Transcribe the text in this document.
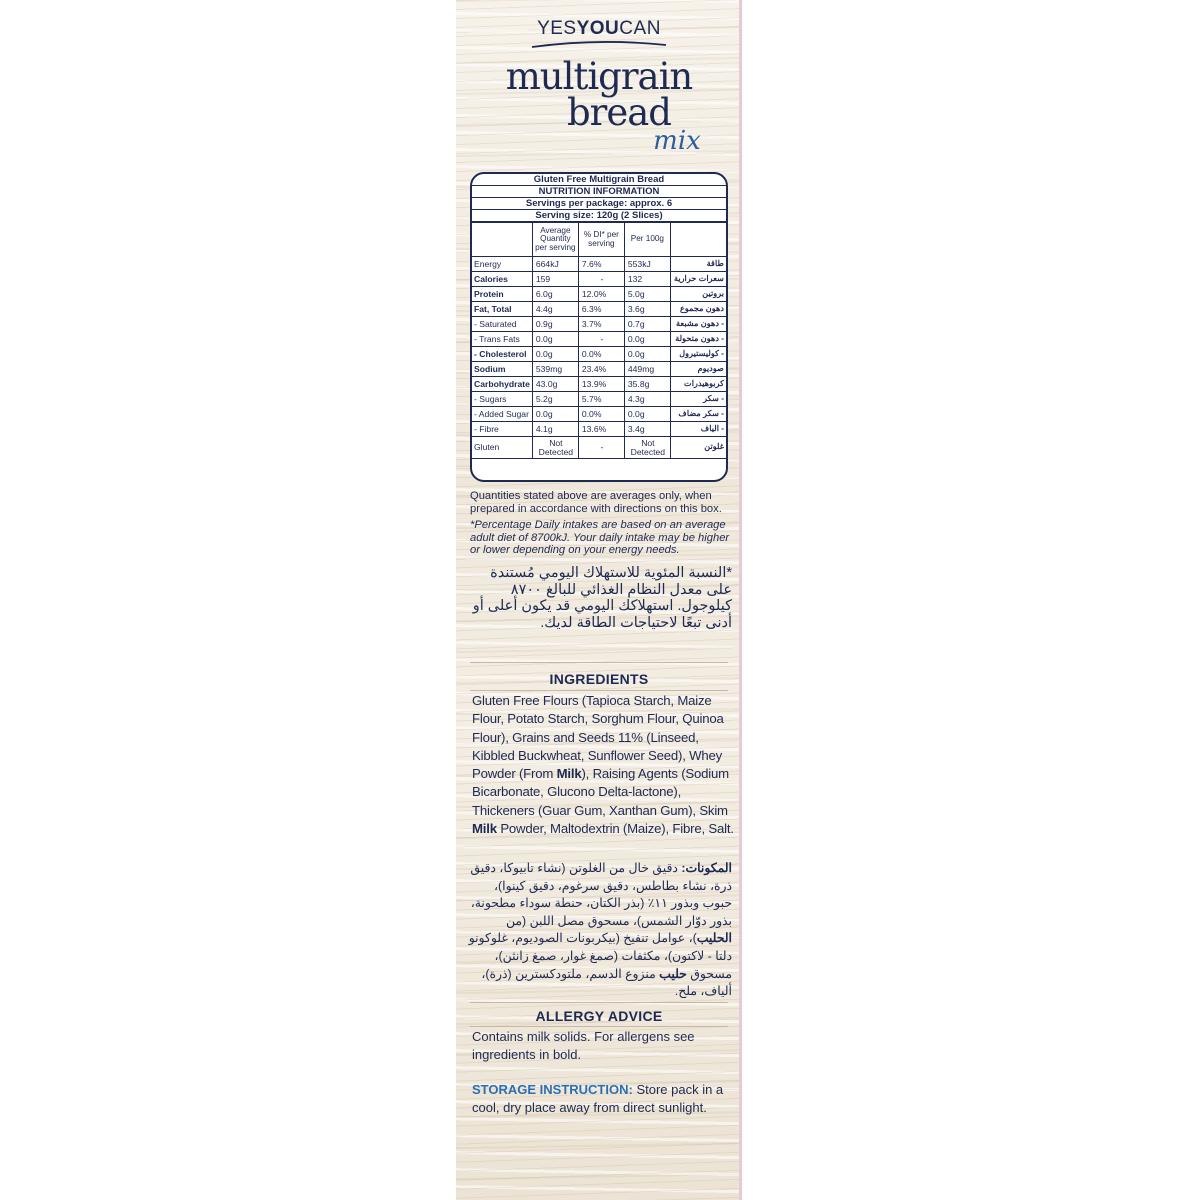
YESYOUCAN
multigrain
bread
mix
Gluten Free Multigrain Bread
NUTRITION INFORMATION
Servings per package: approx. 6
Serving size: 120g (2 Slices)
	Average Quantity per serving	% DI* per serving	Per 100g	
Energy	664kJ	7.6%	553kJ	طاقة
Calories	159	-	132	سعرات حرارية
Protein	6.0g	12.0%	5.0g	بروتين
Fat, Total	4.4g	6.3%	3.6g	دهون مجموع
- Saturated	0.9g	3.7%	0.7g	- دهون مشبعة
- Trans Fats	0.0g	-	0.0g	- دهون متحولة
- Cholesterol	0.0g	0.0%	0.0g	- كوليستيرول
Sodium	539mg	23.4%	449mg	صوديوم
Carbohydrate	43.0g	13.9%	35.8g	كربوهيدرات
- Sugars	5.2g	5.7%	4.3g	- سكر
- Added Sugar	0.0g	0.0%	0.0g	- سكر مضاف
- Fibre	4.1g	13.6%	3.4g	- الياف
Gluten	Not Detected	-	Not Detected	غلوتن
Quantities stated above are averages only, when prepared in accordance with directions on this box.
*Percentage Daily intakes are based on an average adult diet of 8700kJ. Your daily intake may be higher or lower depending on your energy needs.
*النسبة المئوية للاستهلاك اليومي مُستندة على معدل النظام الغذائي للبالغ ٨٧٠٠ كيلوجول. استهلاكك اليومي قد يكون أعلى أو أدنى تبعًا لاحتياجات الطاقة لديك.
INGREDIENTS
Gluten Free Flours (Tapioca Starch, Maize Flour, Potato Starch, Sorghum Flour, Quinoa Flour), Grains and Seeds 11% (Linseed, Kibbled Buckwheat, Sunflower Seed), Whey Powder (From Milk), Raising Agents (Sodium Bicarbonate, Glucono Delta-lactone), Thickeners (Guar Gum, Xanthan Gum), Skim Milk Powder, Maltodextrin (Maize), Fibre, Salt.
المكونات: دقيق خال من الغلوتن (نشاء تابيوكا، دقيق ذرة، نشاء بطاطس، دقيق سرغوم، دقيق كينوا)، حبوب وبذور ١١٪ (بذر الكتان، حنطة سوداء مطحونة، بذور دوّار الشمس)، مسحوق مصل اللبن (من الحليب)، عوامل تنفيخ (بيكربونات الصوديوم، غلوكونو دلتا - لاكتون)، مكثفات (صمغ غوار، صمغ زانثن)، مسحوق حليب منزوع الدسم، ملتودكسترين (ذرة)، ألياف، ملح.
ALLERGY ADVICE
Contains milk solids. For allergens see ingredients in bold.
STORAGE INSTRUCTION: Store pack in a cool, dry place away from direct sunlight.
